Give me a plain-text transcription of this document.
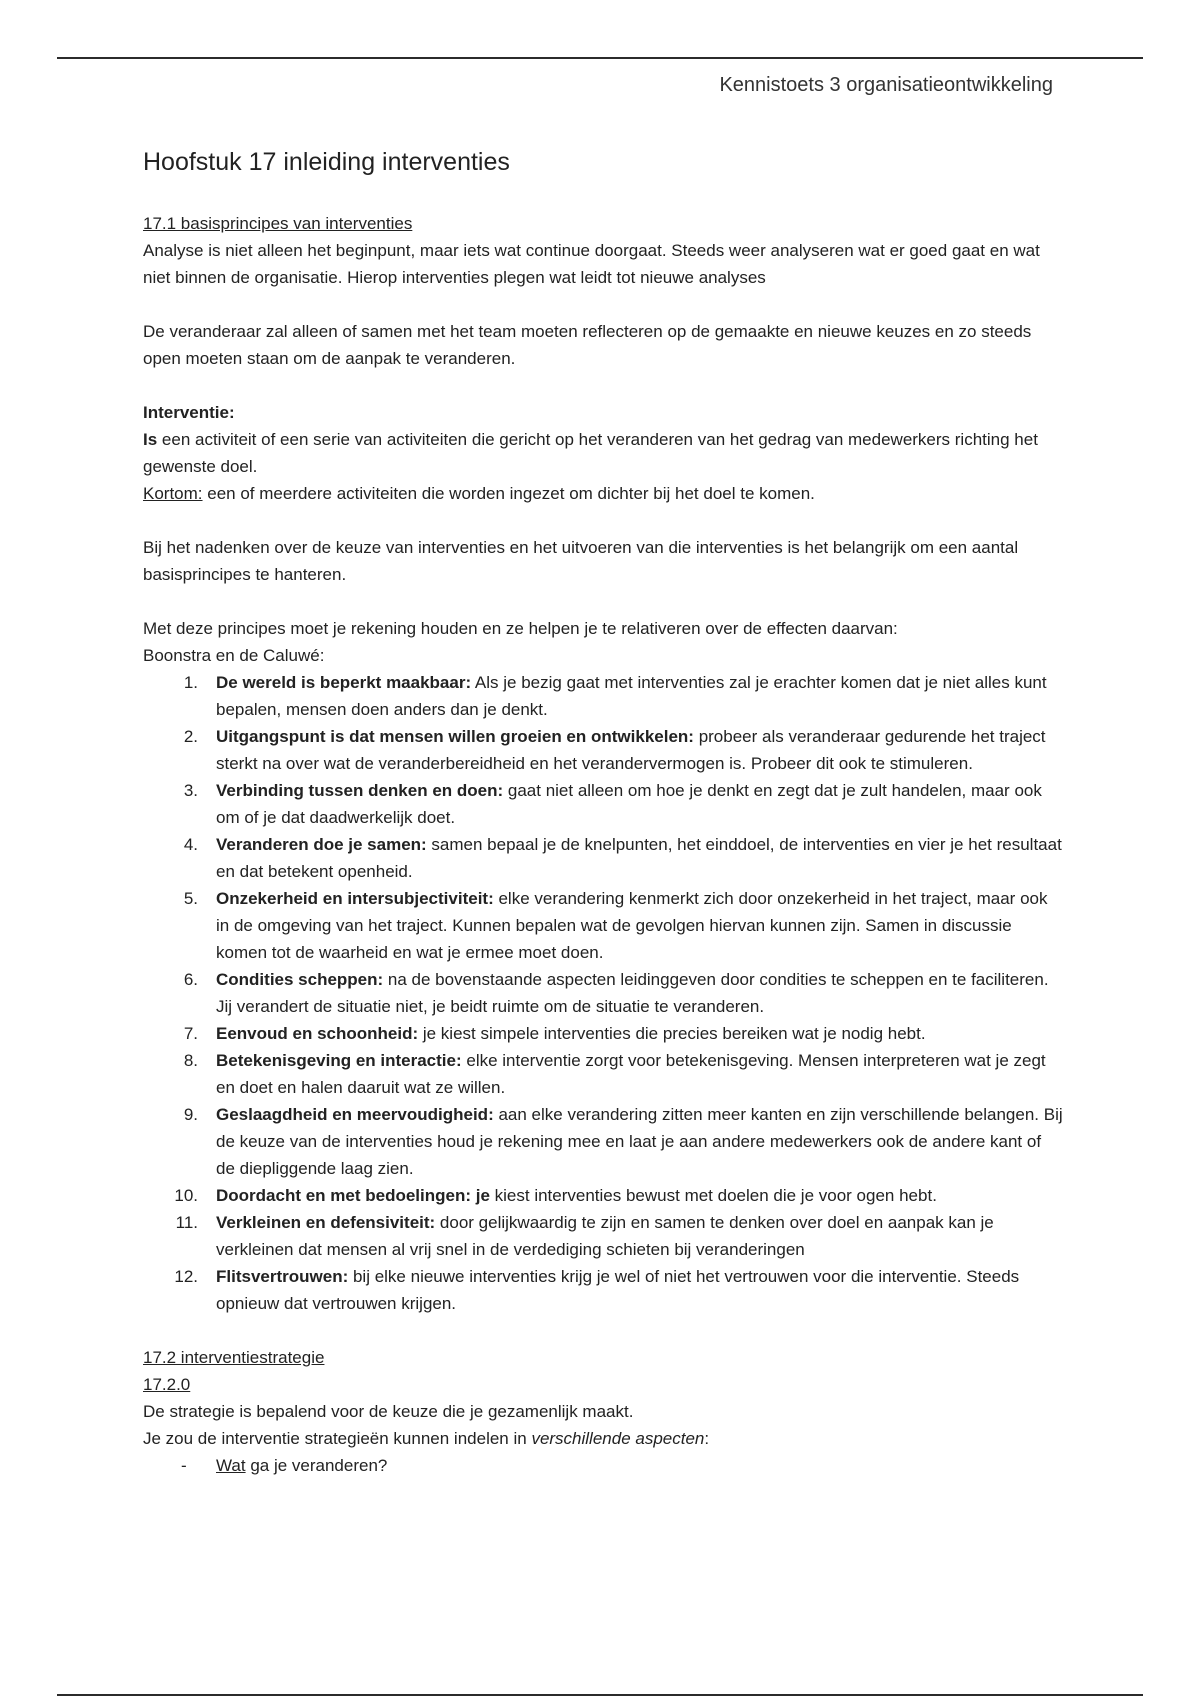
Kennistoets 3 organisatieontwikkeling
Hoofstuk 17 inleiding interventies
17.1 basisprincipes van interventies

Analyse is niet alleen het beginpunt, maar iets wat continue doorgaat. Steeds weer analyseren wat er goed gaat en wat niet binnen de organisatie. Hierop interventies plegen wat leidt tot nieuwe analyses

De veranderaar zal alleen of samen met het team moeten reflecteren op de gemaakte en nieuwe keuzes en zo steeds open moeten staan om de aanpak te veranderen.

Interventie:

Is een activiteit of een serie van activiteiten die gericht op het veranderen van het gedrag van medewerkers richting het gewenste doel.

Kortom: een of meerdere activiteiten die worden ingezet om dichter bij het doel te komen.

Bij het nadenken over de keuze van interventies en het uitvoeren van die interventies is het belangrijk om een aantal basisprincipes te hanteren.

Met deze principes moet je rekening houden en ze helpen je te relativeren over de effecten daarvan:

Boonstra en de Caluwé:

1. De wereld is beperkt maakbaar: Als je bezig gaat met interventies zal je erachter komen dat je niet alles kunt bepalen, mensen doen anders dan je denkt.
2. Uitgangspunt is dat mensen willen groeien en ontwikkelen: probeer als veranderaar gedurende het traject sterkt na over wat de veranderbereidheid en het verandervermogen is. Probeer dit ook te stimuleren.
3. Verbinding tussen denken en doen: gaat niet alleen om hoe je denkt en zegt dat je zult handelen, maar ook om of je dat daadwerkelijk doet.
4. Veranderen doe je samen: samen bepaal je de knelpunten, het einddoel, de interventies en vier je het resultaat en dat betekent openheid.
5. Onzekerheid en intersubjectiviteit: elke verandering kenmerkt zich door onzekerheid in het traject, maar ook in de omgeving van het traject. Kunnen bepalen wat de gevolgen hiervan kunnen zijn. Samen in discussie komen tot de waarheid en wat je ermee moet doen.
6. Condities scheppen: na de bovenstaande aspecten leidinggeven door condities te scheppen en te faciliteren. Jij verandert de situatie niet, je beidt ruimte om de situatie te veranderen.
7. Eenvoud en schoonheid: je kiest simpele interventies die precies bereiken wat je nodig hebt.
8. Betekenisgeving en interactie: elke interventie zorgt voor betekenisgeving. Mensen interpreteren wat je zegt en doet en halen daaruit wat ze willen.
9. Geslaagdheid en meervoudigheid: aan elke verandering zitten meer kanten en zijn verschillende belangen. Bij de keuze van de interventies houd je rekening mee en laat je aan andere medewerkers ook de andere kant of de diepliggende laag zien.
10. Doordacht en met bedoelingen: je kiest interventies bewust met doelen die je voor ogen hebt.
11. Verkleinen en defensiviteit: door gelijkwaardig te zijn en samen te denken over doel en aanpak kan je verkleinen dat mensen al vrij snel in de verdediging schieten bij veranderingen
12. Flitsvertrouwen: bij elke nieuwe interventies krijg je wel of niet het vertrouwen voor die interventie. Steeds opnieuw dat vertrouwen krijgen.
17.2 interventiestrategie
17.2.0

De strategie is bepalend voor de keuze die je gezamenlijk maakt.

Je zou de interventie strategieën kunnen indelen in verschillende aspecten:

- Wat ga je veranderen?
